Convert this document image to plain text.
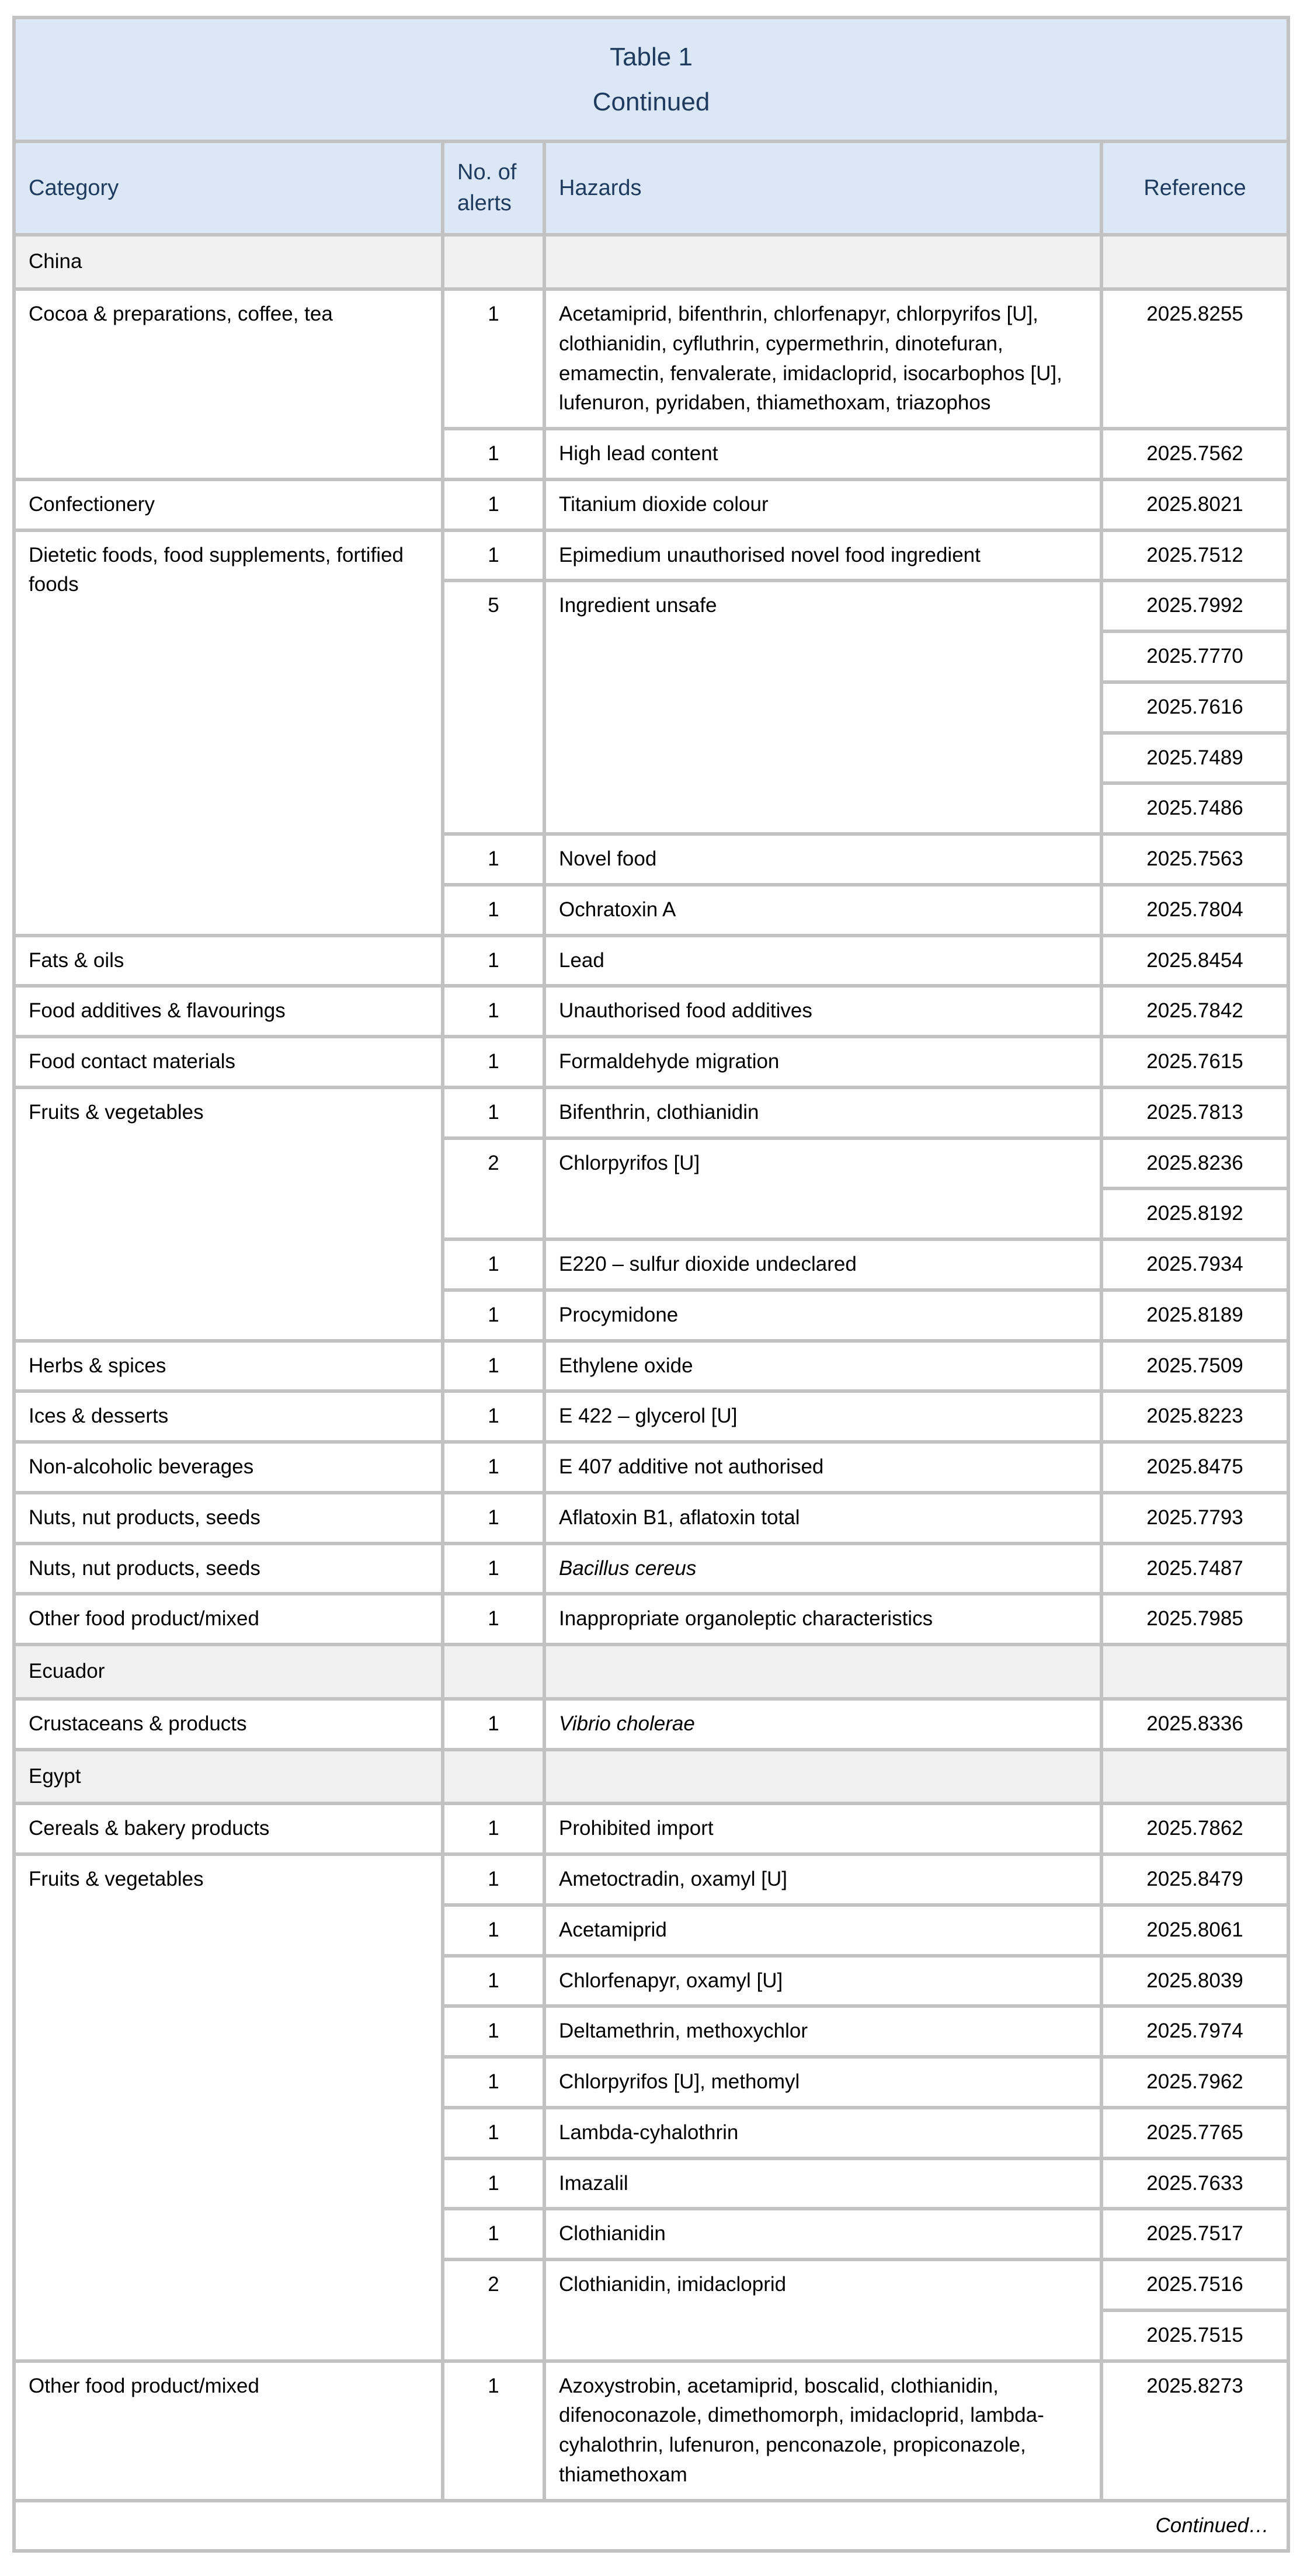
Table 1
Continued			

Category	No. of alerts	Hazards	Reference
China			
Cocoa & preparations, coffee, tea	1	Acetamiprid, bifenthrin, chlorfenapyr, chlorpyrifos [U], clothianidin, cyfluthrin, cypermethrin, dinotefuran, emamectin, fenvalerate, imidacloprid, isocarbophos [U], lufenuron, pyridaben, thiamethoxam, triazophos	2025.8255
	1	High lead content	2025.7562
Confectionery	1	Titanium dioxide colour	2025.8021
Dietetic foods, food supplements, fortified foods	1	Epimedium unauthorised novel food ingredient	2025.7512
	5	Ingredient unsafe	2025.7992
			2025.7770
			2025.7616
			2025.7489
			2025.7486
	1	Novel food	2025.7563
	1	Ochratoxin A	2025.7804
Fats & oils	1	Lead	2025.8454
Food additives & flavourings	1	Unauthorised food additives	2025.7842
Food contact materials	1	Formaldehyde migration	2025.7615
Fruits & vegetables	1	Bifenthrin, clothianidin	2025.7813
	2	Chlorpyrifos [U]	2025.8236
			2025.8192
	1	E220 – sulfur dioxide undeclared	2025.7934
	1	Procymidone	2025.8189
Herbs & spices	1	Ethylene oxide	2025.7509
Ices & desserts	1	E 422 – glycerol [U]	2025.8223
Non-alcoholic beverages	1	E 407 additive not authorised	2025.8475
Nuts, nut products, seeds	1	Aflatoxin B1, aflatoxin total	2025.7793
Nuts, nut products, seeds	1	Bacillus cereus	2025.7487
Other food product/mixed	1	Inappropriate organoleptic characteristics	2025.7985
Ecuador			
Crustaceans & products	1	Vibrio cholerae	2025.8336
Egypt			
Cereals & bakery products	1	Prohibited import	2025.7862
Fruits & vegetables	1	Ametoctradin, oxamyl [U]	2025.8479
	1	Acetamiprid	2025.8061
	1	Chlorfenapyr, oxamyl [U]	2025.8039
	1	Deltamethrin, methoxychlor	2025.7974
	1	Chlorpyrifos [U], methomyl	2025.7962
	1	Lambda-cyhalothrin	2025.7765
	1	Imazalil	2025.7633
	1	Clothianidin	2025.7517
	2	Clothianidin, imidacloprid	2025.7516
			2025.7515
Other food product/mixed	1	Azoxystrobin, acetamiprid, boscalid, clothianidin, difenoconazole, dimethomorph, imidacloprid, lambda-cyhalothrin, lufenuron, penconazole, propiconazole, thiamethoxam	2025.8273
Continued…			
